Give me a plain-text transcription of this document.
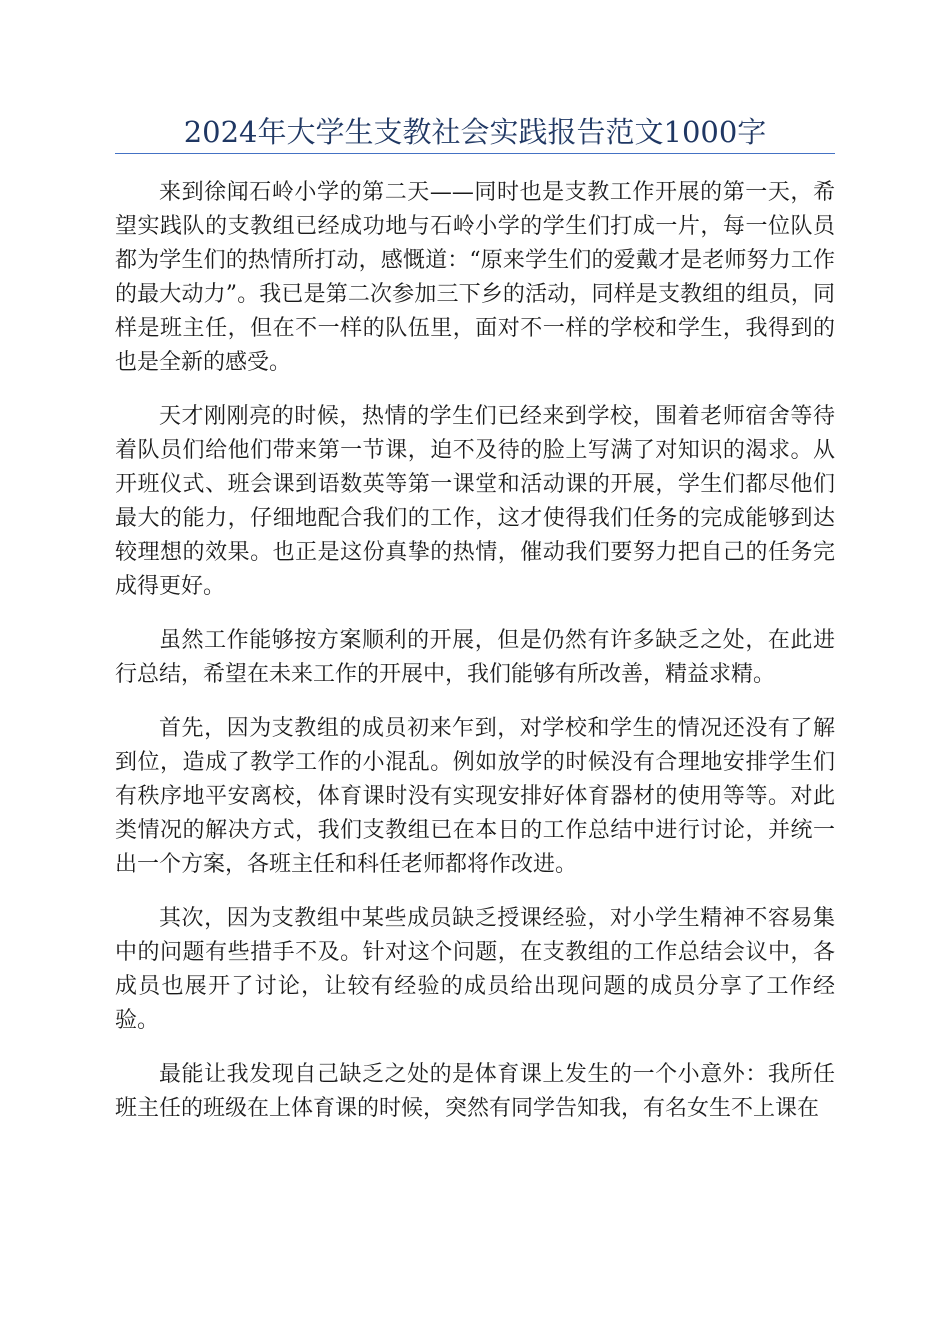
2024年大学生支教社会实践报告范文1000字

来到徐闻石岭小学的第二天——同时也是支教工作开展的第一天，希望实践队的支教组已经成功地与石岭小学的学生们打成一片，每一位队员都为学生们的热情所打动，感慨道：“原来学生们的爱戴才是老师努力工作的最大动力”。我已是第二次参加三下乡的活动，同样是支教组的组员，同样是班主任，但在不一样的队伍里，面对不一样的学校和学生，我得到的也是全新的感受。

天才刚刚亮的时候，热情的学生们已经来到学校，围着老师宿舍等待着队员们给他们带来第一节课，迫不及待的脸上写满了对知识的渴求。从开班仪式、班会课到语数英等第一课堂和活动课的开展，学生们都尽他们最大的能力，仔细地配合我们的工作，这才使得我们任务的完成能够到达较理想的效果。也正是这份真挚的热情，催动我们要努力把自己的任务完成得更好。

虽然工作能够按方案顺利的开展，但是仍然有许多缺乏之处，在此进行总结，希望在未来工作的开展中，我们能够有所改善，精益求精。

首先，因为支教组的成员初来乍到，对学校和学生的情况还没有了解到位，造成了教学工作的小混乱。例如放学的时候没有合理地安排学生们有秩序地平安离校，体育课时没有实现安排好体育器材的使用等等。对此类情况的解决方式，我们支教组已在本日的工作总结中进行讨论，并统一出一个方案，各班主任和科任老师都将作改进。

其次，因为支教组中某些成员缺乏授课经验，对小学生精神不容易集中的问题有些措手不及。针对这个问题，在支教组的工作总结会议中，各成员也展开了讨论，让较有经验的成员给出现问题的成员分享了工作经验。

最能让我发现自己缺乏之处的是体育课上发生的一个小意外：我所任班主任的班级在上体育课的时候，突然有同学告知我，有名女生不上课在
